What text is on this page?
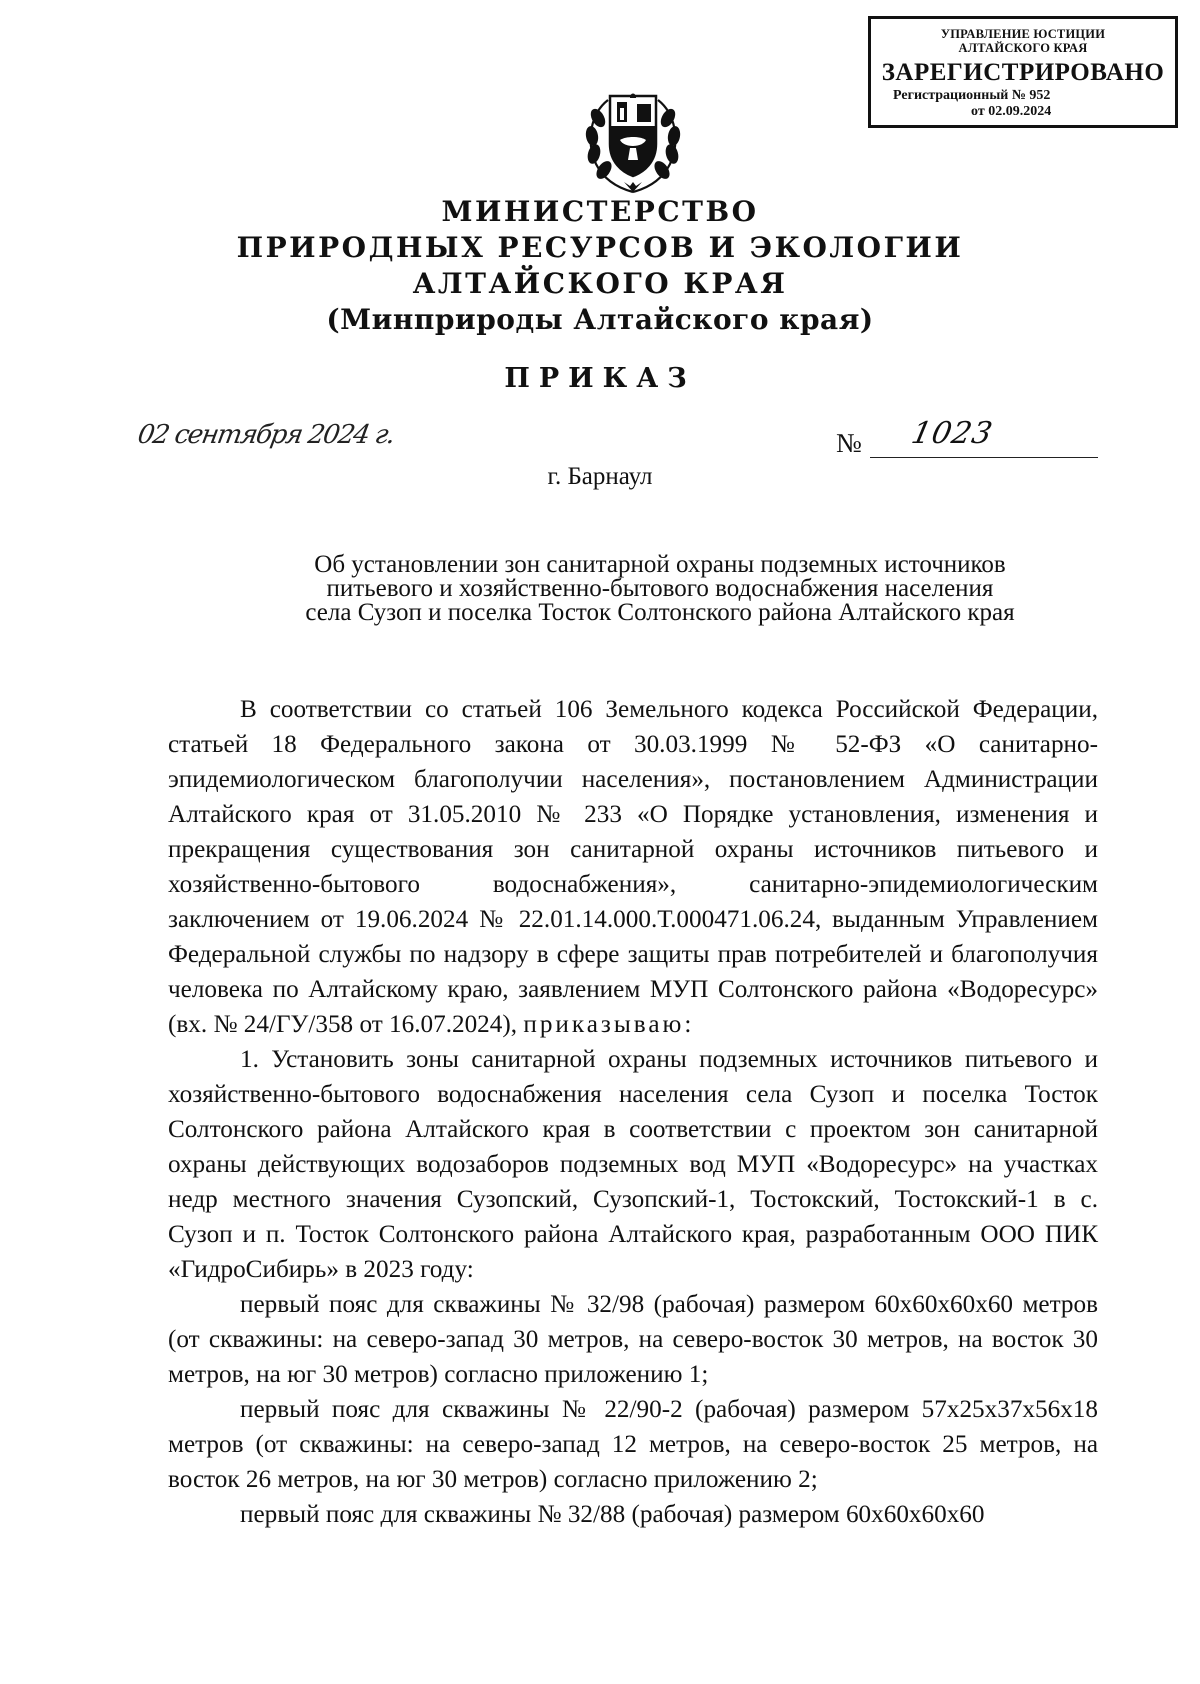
УПРАВЛЕНИЕ ЮСТИЦИИ
АЛТАЙСКОГО КРАЯ
ЗАРЕГИСТРИРОВАНО
Регистрационный № 952
от 02.09.2024
МИНИСТЕРСТВО
ПРИРОДНЫХ РЕСУРСОВ И ЭКОЛОГИИ
АЛТАЙСКОГО КРАЯ
(Минприроды Алтайского края)
ПРИКАЗ
02 сентября 2024 г.	№ 1023
г. Барнаул
Об установлении зон санитарной охраны подземных источников
питьевого и хозяйственно-бытового водоснабжения населения
села Сузоп и поселка Тосток Солтонского района Алтайского края

В соответствии со статьей 106 Земельного кодекса Российской Федерации, статьей 18 Федерального закона от 30.03.1999 № 52-ФЗ «О санитарно-эпидемиологическом благополучии населения», постановлением Администрации Алтайского края от 31.05.2010 № 233 «О Порядке установления, изменения и прекращения существования зон санитарной охраны источников питьевого и хозяйственно-бытового водоснабжения», санитарно-эпидемиологическим заключением от 19.06.2024 № 22.01.14.000.Т.000471.06.24, выданным Управлением Федеральной службы по надзору в сфере защиты прав потребителей и благополучия человека по Алтайскому краю, заявлением МУП Солтонского района «Водоресурс» (вх. № 24/ГУ/358 от 16.07.2024), приказываю:

1. Установить зоны санитарной охраны подземных источников питьевого и хозяйственно-бытового водоснабжения населения села Сузоп и поселка Тосток Солтонского района Алтайского края в соответствии с проектом зон санитарной охраны действующих водозаборов подземных вод МУП «Водоресурс» на участках недр местного значения Сузопский, Сузопский-1, Тостокский, Тостокский-1 в с. Сузоп и п. Тосток Солтонского района Алтайского края, разработанным ООО ПИК «ГидроСибирь» в 2023 году:

первый пояс для скважины № 32/98 (рабочая) размером 60х60х60х60 метров (от скважины: на северо-запад 30 метров, на северо-восток 30 метров, на восток 30 метров, на юг 30 метров) согласно приложению 1;

первый пояс для скважины № 22/90-2 (рабочая) размером 57х25х37х56х18 метров (от скважины: на северо-запад 12 метров, на северо-восток 25 метров, на восток 26 метров, на юг 30 метров) согласно приложению 2;

первый пояс для скважины № 32/88 (рабочая) размером 60х60х60х60
